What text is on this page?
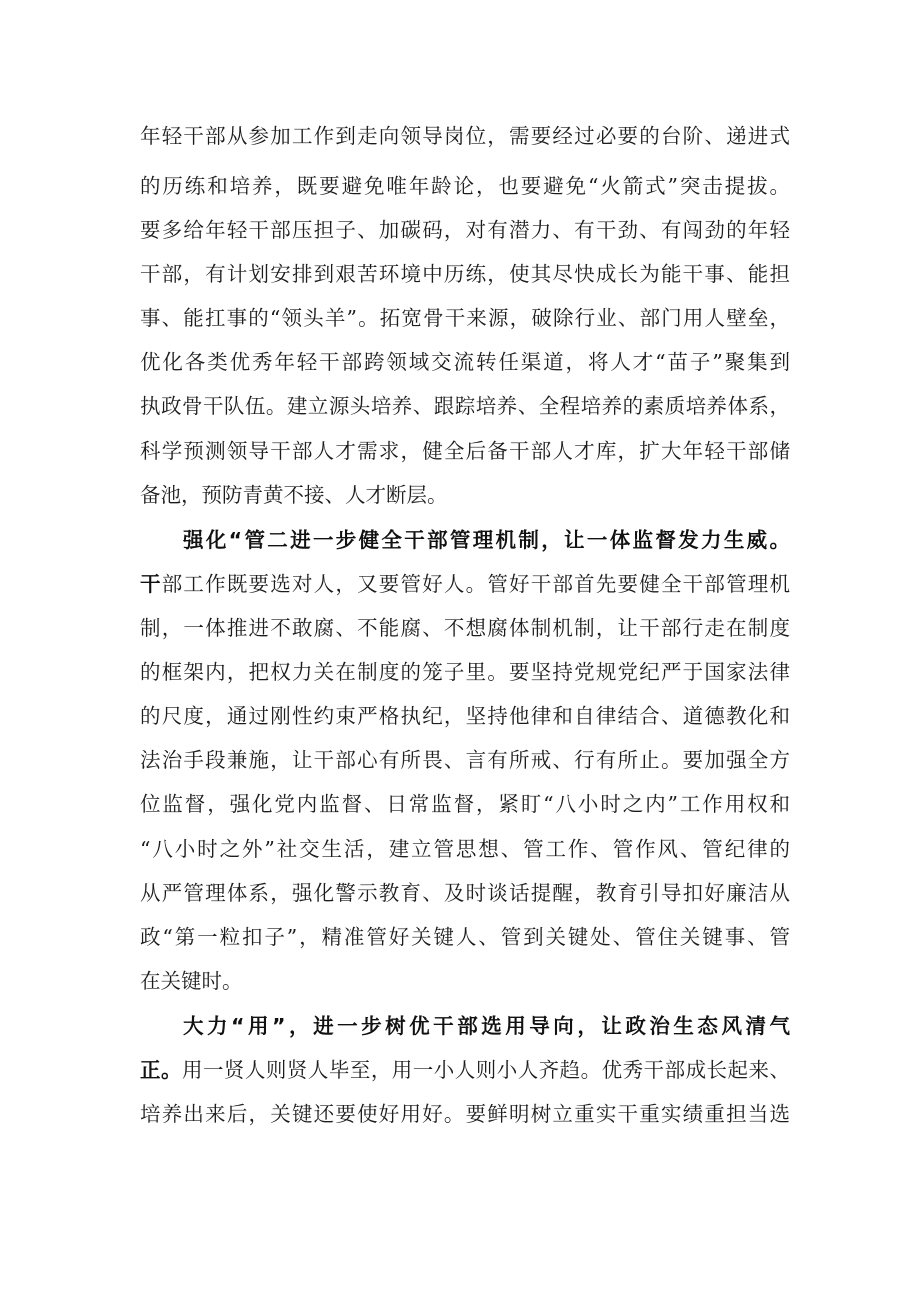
年轻干部从参加工作到走向领导岗位，需要经过必要的台阶、递进式
的历练和培养，既要避免唯年龄论，也要避免“火箭式”突击提拔。
要多给年轻干部压担子、加碳码，对有潜力、有干劲、有闯劲的年轻
干部，有计划安排到艰苦环境中历练，使其尽快成长为能干事、能担
事、能扛事的“领头羊”。拓宽骨干来源，破除行业、部门用人壁垒，
优化各类优秀年轻干部跨领域交流转任渠道，将人才“苗子”聚集到
执政骨干队伍。建立源头培养、跟踪培养、全程培养的素质培养体系，
科学预测领导干部人才需求，健全后备干部人才库，扩大年轻干部储
备池，预防青黄不接、人才断层。
强化“管二进一步健全干部管理机制，让一体监督发力生威。
干部工作既要选对人，又要管好人。管好干部首先要健全干部管理机
制，一体推进不敢腐、不能腐、不想腐体制机制，让干部行走在制度
的框架内，把权力关在制度的笼子里。要坚持党规党纪严于国家法律
的尺度，通过刚性约束严格执纪，坚持他律和自律结合、道德教化和
法治手段兼施，让干部心有所畏、言有所戒、行有所止。要加强全方
位监督，强化党内监督、日常监督，紧盯“八小时之内”工作用权和
“八小时之外”社交生活，建立管思想、管工作、管作风、管纪律的
从严管理体系，强化警示教育、及时谈话提醒，教育引导扣好廉洁从
政“第一粒扣子”，精准管好关键人、管到关键处、管住关键事、管
在关键时。
大力“用”，进一步树优干部选用导向，让政治生态风清气
正。用一贤人则贤人毕至，用一小人则小人齐趋。优秀干部成长起来、
培养出来后，关键还要使好用好。要鲜明树立重实干重实绩重担当选
